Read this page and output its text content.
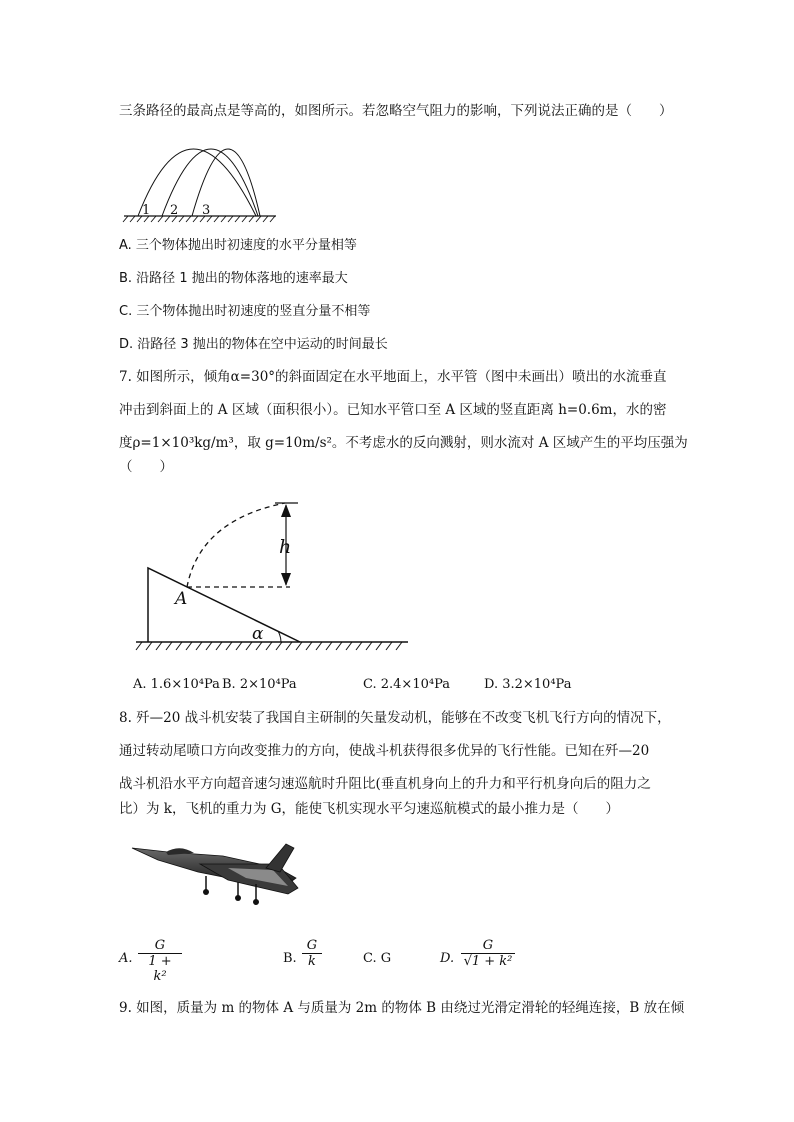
三条路径的最高点是等高的，如图所示。若忽略空气阻力的影响，下列说法正确的是（　　）
1 2 3
A. 三个物体抛出时初速度的水平分量相等
B. 沿路径 1 抛出的物体落地的速率最大
C. 三个物体抛出时初速度的竖直分量不相等
D. 沿路径 3 抛出的物体在空中运动的时间最长
7. 如图所示，倾角α=30°的斜面固定在水平地面上，水平管（图中未画出）喷出的水流垂直
冲击到斜面上的 A 区域（面积很小）。已知水平管口至 A 区域的竖直距离 h=0.6m，水的密
度ρ=1×10³kg/m³，取 g=10m/s²。不考虑水的反向溅射，则水流对 A 区域产生的平均压强为
（　　）
h
A
α
A. 1.6×10⁴Pa B. 2×10⁴Pa	C. 2.4×10⁴Pa	D. 3.2×10⁴Pa
8. 歼—20 战斗机安装了我国自主研制的矢量发动机，能够在不改变飞机飞行方向的情况下，
通过转动尾喷口方向改变推力的方向，使战斗机获得很多优异的飞行性能。已知在歼—20
战斗机沿水平方向超音速匀速巡航时升阻比(垂直机身向上的升力和平行机身向后的阻力之
比）为 k，飞机的重力为 G，能使飞机实现水平匀速巡航模式的最小推力是（　　）
A.
G
1 + k²
B.
G
k	C. G	D.
G
√1 + k²
9. 如图，质量为 m 的物体 A 与质量为 2m 的物体 B 由绕过光滑定滑轮的轻绳连接，B 放在倾
